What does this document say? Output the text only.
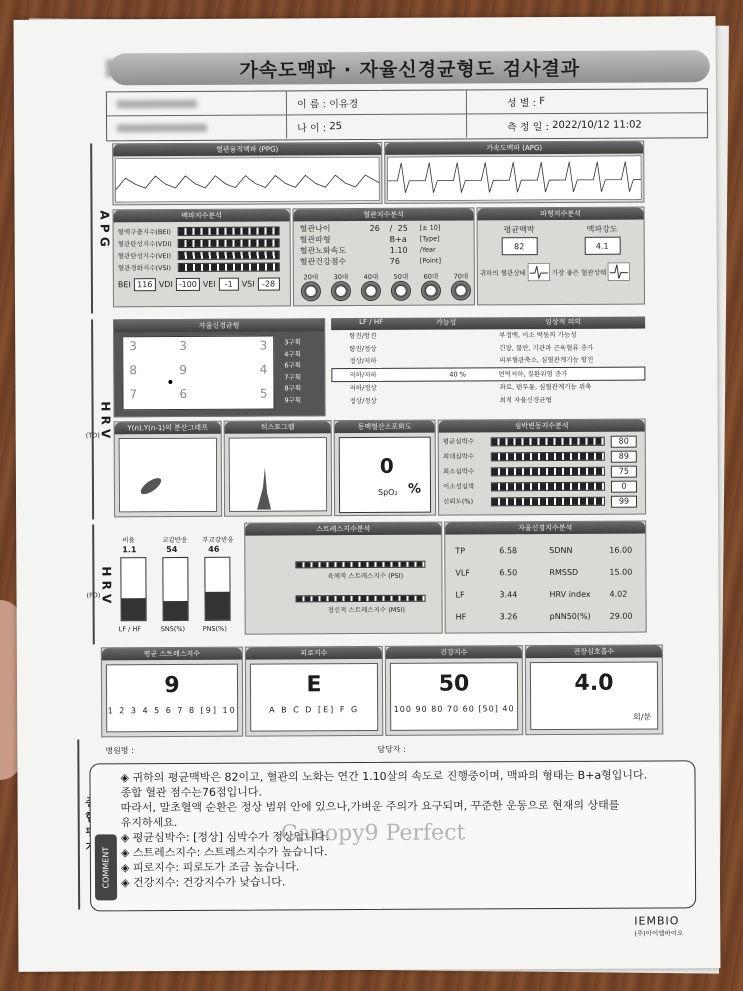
가속도맥파 · 자율신경균형도 검사결과
이 름 :
이유경	성 별 :
F
나 이 :
25	측 정 일 :
2022/10/12 11:02
A P G
H R V
(TD)
H R V
(FD)
혈관용적맥파 (PPG)	가속도맥파 (APG)
맥파지수분석
혈액구출지수(BEI)
혈관탄성지수(VDI)
혈관탄성지수(VEI)
혈관경화지수(VSI)
BEI 116 VDI -100 VEI	-1	VSI -28
혈관지수분석
혈관나이	26	/ 25	[± 10]
혈관파형	B+a	[Type]
혈관노화속도	1.10	/Year
혈관건강점수	76	[Point]
20대	30대	40대	50대	60대	70대
파형지수분석
평균맥박
82
맥파강도
4.1
귀하의 혈관상태	가장 좋은 혈관상태
자율신경균형
3	3	3
8	9	4
7	6	5
3구획
4구획
6구획
7구획
8구획
9구획
LF / HF	가능성	임상적 의의
항진/항진	부정맥, 이소 박동의 가능성
항진/정상	긴장, 불안, 기관과 근육혈류 증가
정상/저하	피부혈관축소, 심혈관계기능 항진
저하/저하	40 %	면역저하, 질환위험 증가
저하/정상	과로, 편두통, 심혈관계기능 위축
정상/정상	최적 자율신경균형
Y(n),Y(n-1)의 분산그래프	히스토그램	동맥혈산소포화도
0
SpO₂ %
심박변동지수분석
평균심박수	80
최대심박수	89
최소심박수	75
이소성심박	0
신뢰도(%)	99
비율
1.1
LF / HF
교감반응
54
SNS(%)
부교감반응
46
PNS(%)
스트레스지수분석
육체적 스트레스지수 (PSI)
정신적 스트레스지수 (MSI)
자율신경지수분석
TP	6.58	SDNN	16.00
VLF	6.50	RMSSD	15.00
LF	3.44	HRV index	4.02
HF	3.26	pNN50(%)	29.00
평균 스트레스지수
9
1 2 3 4 5 6 7 8 [9] 10
피로지수
E
A B C D [E] F G
건강지수
50
100 90 80 70 60 [50] 40
권장심호흡수
4.0
회/분
병원명 :	담당자 :
COMMENT
◈ 귀하의 평균맥박은 82이고, 혈관의 노화는 연간 1.10살의 속도로 진행중이며, 맥파의 형태는 B+a형입니다.
종합 혈관 점수는76점입니다.
따라서, 말초혈액 순환은 정상 범위 안에 있으나,가벼운 주의가 요구되며, 꾸준한 운동으로 현재의 상태를
유지하세요.
◈ 평균심박수: [정상] 심박수가 정상입니다.
◈ 스트레스지수: 스트레스지수가 높습니다.
◈ 피로지수: 피로도가 조금 높습니다.
◈ 건강지수: 건강지수가 낮습니다.
Canopy9 Perfect
IEMBIO
(주)아이엠바이오
